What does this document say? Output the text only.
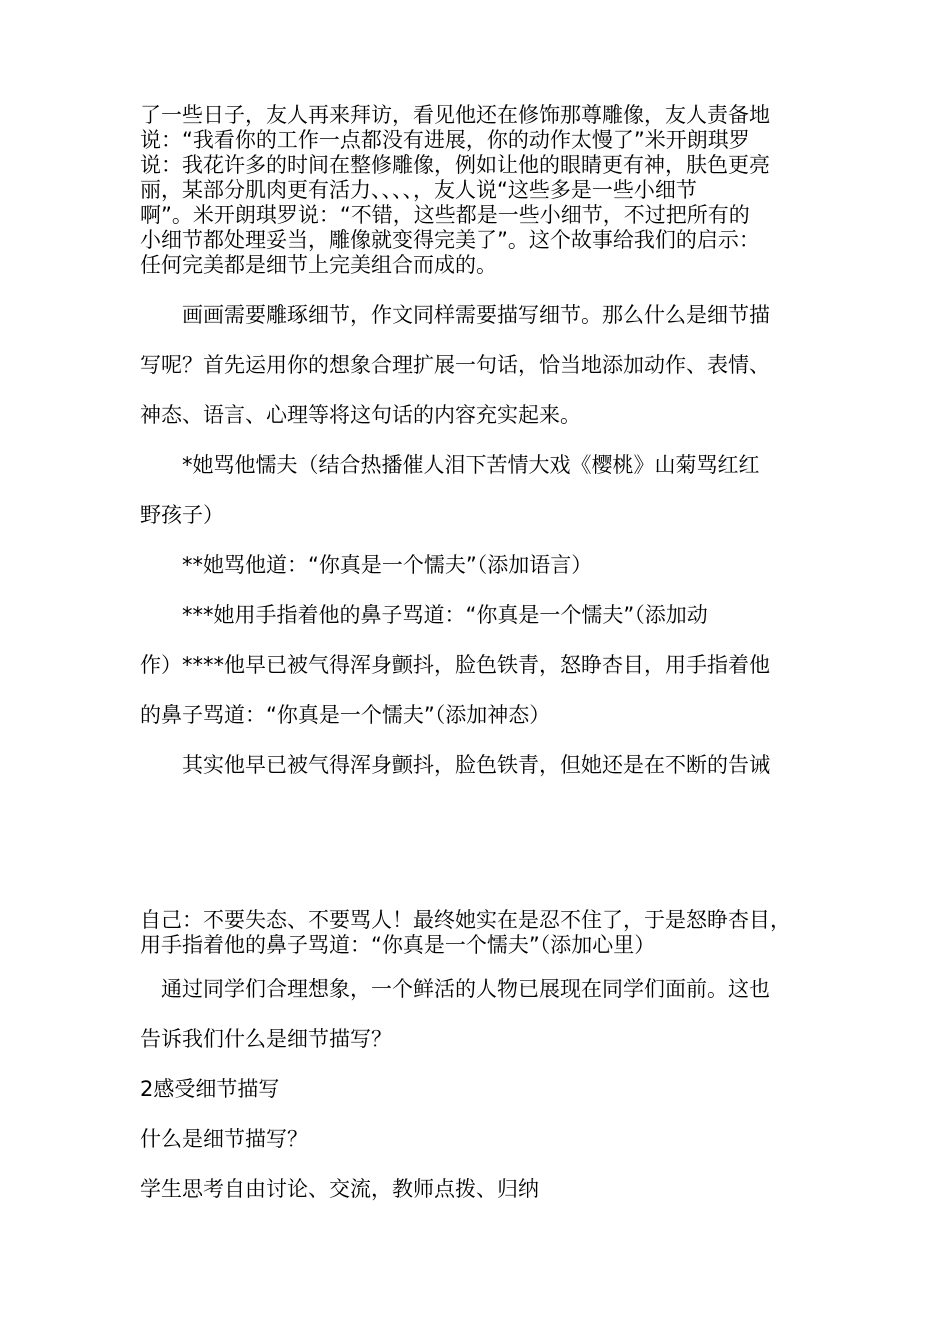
了一些日子，友人再来拜访，看见他还在修饰那尊雕像，友人责备地
说：“我看你的工作一点都没有进展，你的动作太慢了”米开朗琪罗
说：我花许多的时间在整修雕像，例如让他的眼睛更有神，肤色更亮
丽，某部分肌肉更有活力、、、、，友人说“这些多是一些小细节
啊”。米开朗琪罗说：“不错，这些都是一些小细节，不过把所有的
小细节都处理妥当，雕像就变得完美了”。这个故事给我们的启示：
任何完美都是细节上完美组合而成的。
　　画画需要雕琢细节，作文同样需要描写细节。那么什么是细节描
写呢？首先运用你的想象合理扩展一句话，恰当地添加动作、表情、
神态、语言、心理等将这句话的内容充实起来。
　　*她骂他懦夫（结合热播催人泪下苦情大戏《樱桃》山菊骂红红
野孩子）
　　**她骂他道：“你真是一个懦夫”（添加语言）
　　***她用手指着他的鼻子骂道：“你真是一个懦夫”（添加动
作）****他早已被气得浑身颤抖，脸色铁青，怒睁杏目，用手指着他
的鼻子骂道：“你真是一个懦夫”（添加神态）
　　其实他早已被气得浑身颤抖，脸色铁青，但她还是在不断的告诫
自己：不要失态、不要骂人！最终她实在是忍不住了，于是怒睁杏目，
用手指着他的鼻子骂道：“你真是一个懦夫”（添加心里）
　通过同学们合理想象，一个鲜活的人物已展现在同学们面前。这也
告诉我们什么是细节描写？
2感受细节描写
什么是细节描写？
学生思考自由讨论、交流，教师点拨、归纳
